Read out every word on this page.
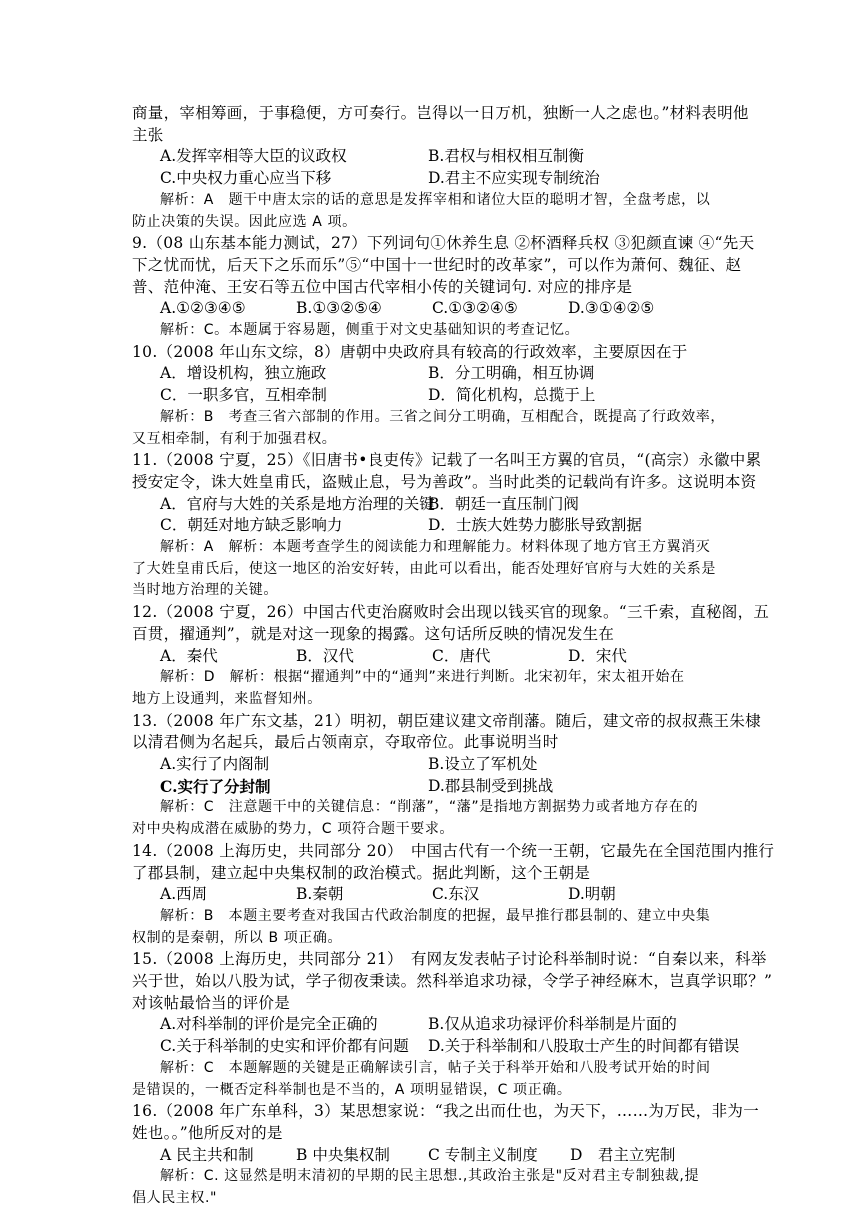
商量，宰相筹画，于事稳便，方可奏行。岂得以一日万机，独断一人之虑也。”材料表明他
主张
A.发挥宰相等大臣的议政权	B.君权与相权相互制衡
C.中央权力重心应当下移	D.君主不应实现专制统治
解析：A　题干中唐太宗的话的意思是发挥宰相和诸位大臣的聪明才智，全盘考虑，以
防止决策的失误。因此应选 A 项。
9.（08 山东基本能力测试，27）下列词句①休养生息 ②杯酒释兵权 ③犯颜直谏 ④“先天
下之忧而忧，后天下之乐而乐”⑤“中国十一世纪时的改革家”，可以作为萧何、魏征、赵
普、范仲淹、王安石等五位中国古代宰相小传的关键词句. 对应的排序是
A.①②③④⑤	B.①③②⑤④	C.①③②④⑤	D.③①④②⑤
解析：C。本题属于容易题，侧重于对文史基础知识的考查记忆。
10.（2008 年山东文综，8）唐朝中央政府具有较高的行政效率，主要原因在于
A．增设机构，独立施政	B．分工明确，相互协调
C．一职多官，互相牵制	D．简化机构，总揽于上
解析：B　考查三省六部制的作用。三省之间分工明确，互相配合，既提高了行政效率，
又互相牵制，有利于加强君权。
11.（2008 宁夏，25）《旧唐书•良吏传》记载了一名叫王方翼的官员，“(高宗）永徽中累
授安定令，诛大姓皇甫氏，盗贼止息，号为善政”。当时此类的记载尚有许多。这说明本资
A．官府与大姓的关系是地方治理的关键
B．朝廷一直压制门阀
C．朝廷对地方缺乏影响力	D．士族大姓势力膨胀导致割据
解析：A　解析：本题考查学生的阅读能力和理解能力。材料体现了地方官王方翼消灭
了大姓皇甫氏后，使这一地区的治安好转，由此可以看出，能否处理好官府与大姓的关系是
当时地方治理的关键。
12.（2008 宁夏，26）中国古代吏治腐败时会出现以钱买官的现象。“三千索，直秘阁，五
百贯，擢通判”，就是对这一现象的揭露。这句话所反映的情况发生在
A．秦代	B．汉代	C．唐代	D．宋代
解析：D　解析：根据“擢通判”中的“通判”来进行判断。北宋初年，宋太祖开始在
地方上设通判，来监督知州。
13.（2008 年广东文基，21）明初，朝臣建议建文帝削藩。随后，建文帝的叔叔燕王朱棣
以清君侧为名起兵，最后占领南京，夺取帝位。此事说明当时
A.实行了内阁制	B.设立了军机处
C.实行了分封制	D.郡县制受到挑战
解析：C　注意题干中的关键信息：“削藩”，“藩”是指地方割据势力或者地方存在的
对中央构成潜在威胁的势力，C 项符合题干要求。
14.（2008 上海历史，共同部分 20）　中国古代有一个统一王朝，它最先在全国范围内推行
了郡县制，建立起中央集权制的政治模式。据此判断，这个王朝是
A.西周	B.秦朝	C.东汉	D.明朝
解析：B　本题主要考查对我国古代政治制度的把握，最早推行郡县制的、建立中央集
权制的是秦朝，所以 B 项正确。
15.（2008 上海历史，共同部分 21）　有网友发表帖子讨论科举制时说：“自秦以来，科举
兴于世，始以八股为试，学子彻夜秉读。然科举追求功禄，令学子神经麻木，岂真学识耶？”
对该帖最恰当的评价是
A.对科举制的评价是完全正确的	B.仅从追求功禄评价科举制是片面的
C.关于科举制的史实和评价都有问题 D.关于科举制和八股取士产生的时间都有错误
解析：C　本题解题的关键是正确解读引言，帖子关于科举开始和八股考试开始的时间
是错误的，一概否定科举制也是不当的，A 项明显错误，C 项正确。
16.（2008 年广东单科，3）某思想家说：“我之出而仕也，为天下，……为万民，非为一
姓也。。”他所反对的是
A 民主共和制	B 中央集权制 C 专制主义制度 D　君主立宪制
解析：C. 这显然是明末清初的早期的民主思想.,其政治主张是"反对君主专制独裁,提
倡人民主权."
